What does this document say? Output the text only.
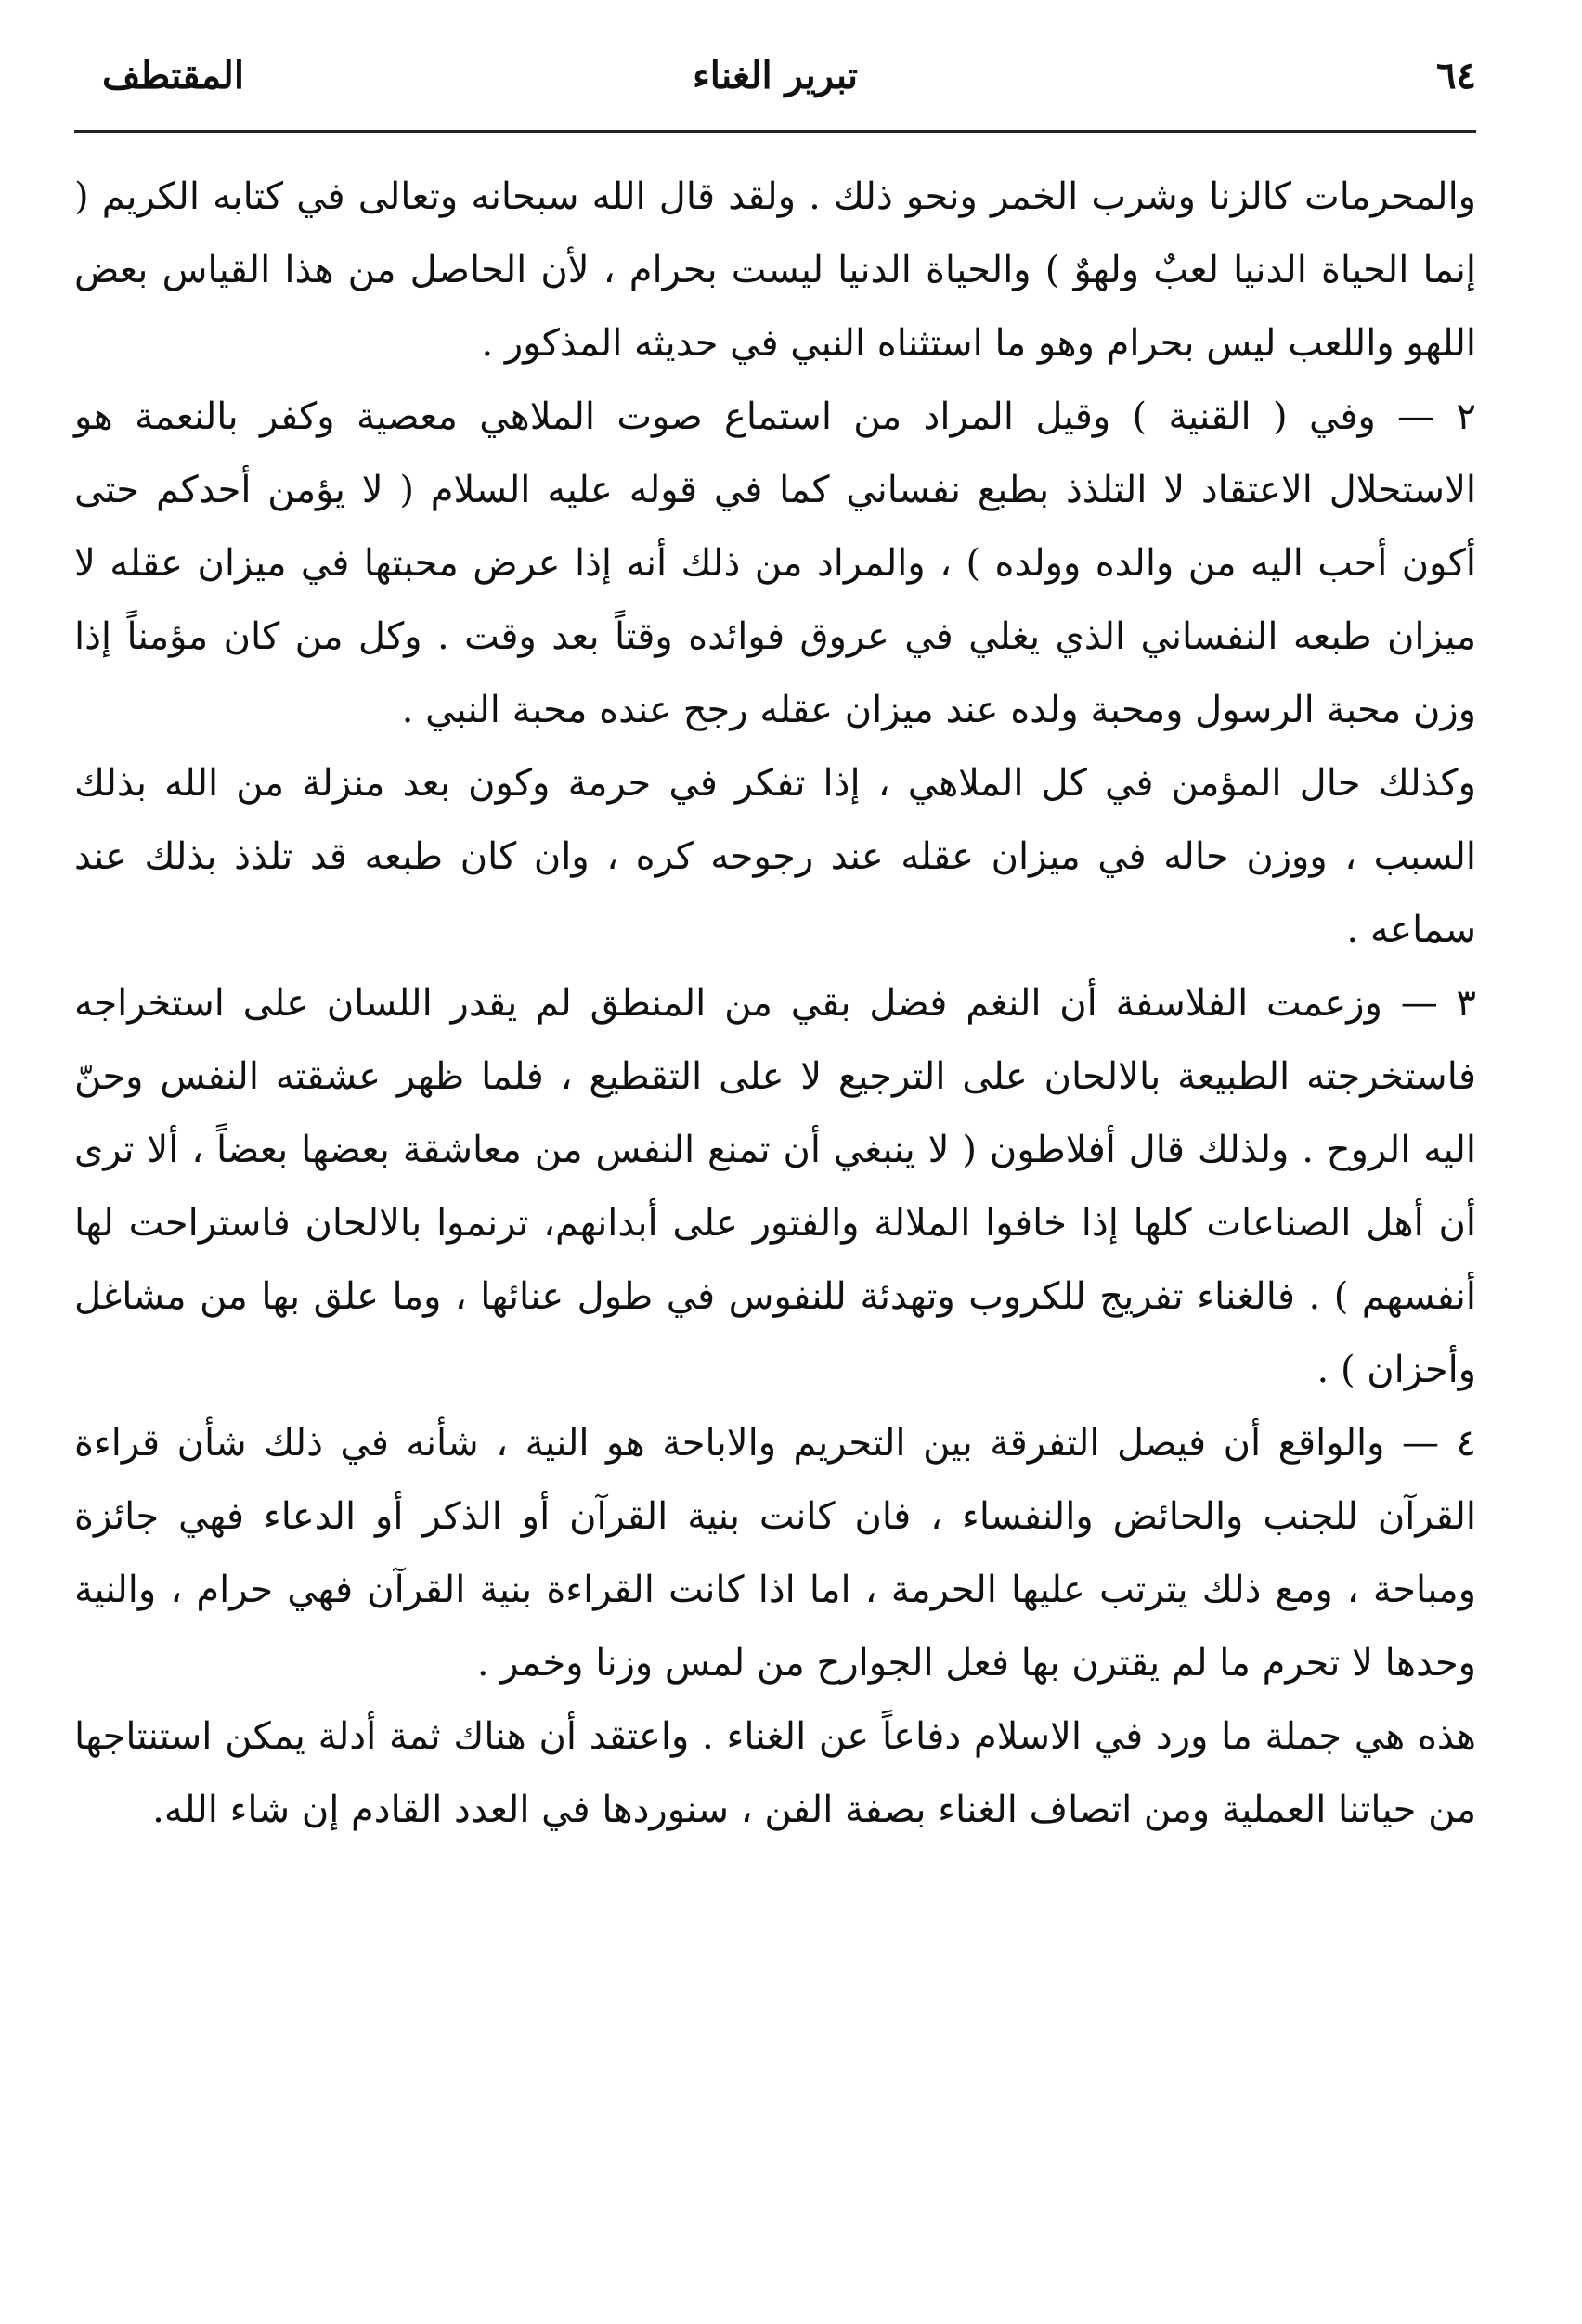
٦٤
تبرير الغناء
المقتطف

والمحرمات كالزنا وشرب الخمر ونحو ذلك . ولقد قال الله سبحانه وتعالى في كتابه الكريم ( إنما الحياة الدنيا لعبٌ ولهوٌ ) والحياة الدنيا ليست بحرام ، لأن الحاصل من هذا القياس بعض اللهو واللعب ليس بحرام وهو ما استثناه النبي في حديثه المذكور .

٢ — وفي ( القنية ) وقيل المراد من استماع صوت الملاهي معصية وكفر بالنعمة هو الاستحلال الاعتقاد لا التلذذ بطبع نفساني كما في قوله عليه السلام ( لا يؤمن أحدكم حتى أكون أحب اليه من والده وولده ) ، والمراد من ذلك أنه إذا عرض محبتها في ميزان عقله لا ميزان طبعه النفساني الذي يغلي في عروق فوائده وقتاً بعد وقت . وكل من كان مؤمناً إذا وزن محبة الرسول ومحبة ولده عند ميزان عقله رجح عنده محبة النبي .

وكذلك حال المؤمن في كل الملاهي ، إذا تفكر في حرمة وكون بعد منزلة من الله بذلك السبب ، ووزن حاله في ميزان عقله عند رجوحه كره ، وان كان طبعه قد تلذذ بذلك عند سماعه .

٣ — وزعمت الفلاسفة أن النغم فضل بقي من المنطق لم يقدر اللسان على استخراجه فاستخرجته الطبيعة بالالحان على الترجيع لا على التقطيع ، فلما ظهر عشقته النفس وحنّ اليه الروح . ولذلك قال أفلاطون ( لا ينبغي أن تمنع النفس من معاشقة بعضها بعضاً ، ألا ترى أن أهل الصناعات كلها إذا خافوا الملالة والفتور على أبدانهم، ترنموا بالالحان فاستراحت لها أنفسهم ) . فالغناء تفريج للكروب وتهدئة للنفوس في طول عنائها ، وما علق بها من مشاغل وأحزان ) .

٤ — والواقع أن فيصل التفرقة بين التحريم والاباحة هو النية ، شأنه في ذلك شأن قراءة القرآن للجنب والحائض والنفساء ، فان كانت بنية القرآن أو الذكر أو الدعاء فهي جائزة ومباحة ، ومع ذلك يترتب عليها الحرمة ، اما اذا كانت القراءة بنية القرآن فهي حرام ، والنية وحدها لا تحرم ما لم يقترن بها فعل الجوارح من لمس وزنا وخمر .

هذه هي جملة ما ورد في الاسلام دفاعاً عن الغناء . واعتقد أن هناك ثمة أدلة يمكن استنتاجها من حياتنا العملية ومن اتصاف الغناء بصفة الفن ، سنوردها في العدد القادم إن شاء الله.
